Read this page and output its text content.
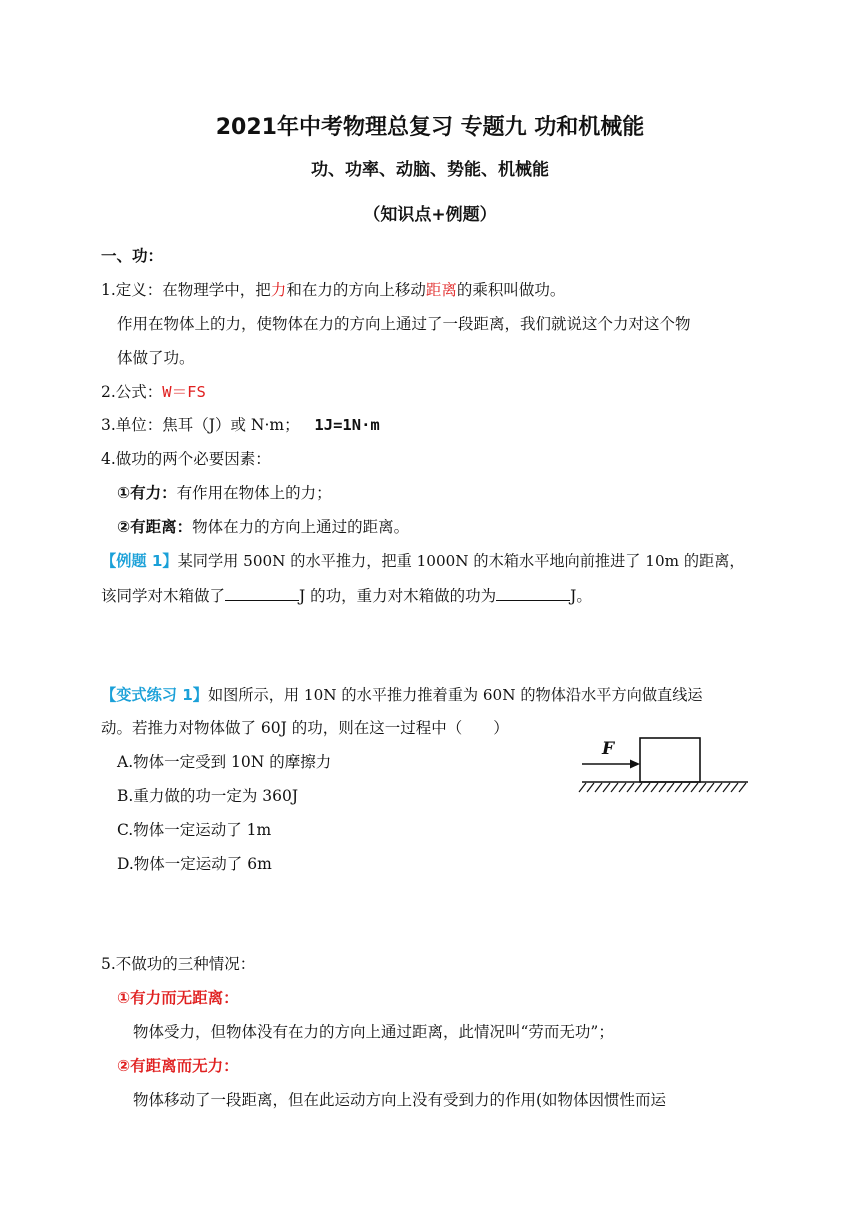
2021年中考物理总复习 专题九 功和机械能
功、功率、动脑、势能、机械能
（知识点+例题）
一、功：
1.定义：在物理学中，把力和在力的方向上移动距离的乘积叫做功。
作用在物体上的力，使物体在力的方向上通过了一段距离，我们就说这个力对这个物
体做了功。
2.公式：W＝FS
3.单位：焦耳（J）或 N·m； 1J=1N·m
4.做功的两个必要因素：
①有力：有作用在物体上的力；
②有距离：物体在力的方向上通过的距离。
【例题 1】某同学用 500N 的水平推力，把重 1000N 的木箱水平地向前推进了 10m 的距离，
该同学对木箱做了	J 的功，重力对木箱做的功为	J。
【变式练习 1】如图所示，用 10N 的水平推力推着重为 60N 的物体沿水平方向做直线运
动。若推力对物体做了 60J 的功，则在这一过程中（　　）
A.物体一定受到 10N 的摩擦力
B.重力做的功一定为 360J
C.物体一定运动了 1m
D.物体一定运动了 6m
F
5.不做功的三种情况：
①有力而无距离：
物体受力，但物体没有在力的方向上通过距离，此情况叫“劳而无功”；
②有距离而无力：
物体移动了一段距离，但在此运动方向上没有受到力的作用(如物体因惯性而运
